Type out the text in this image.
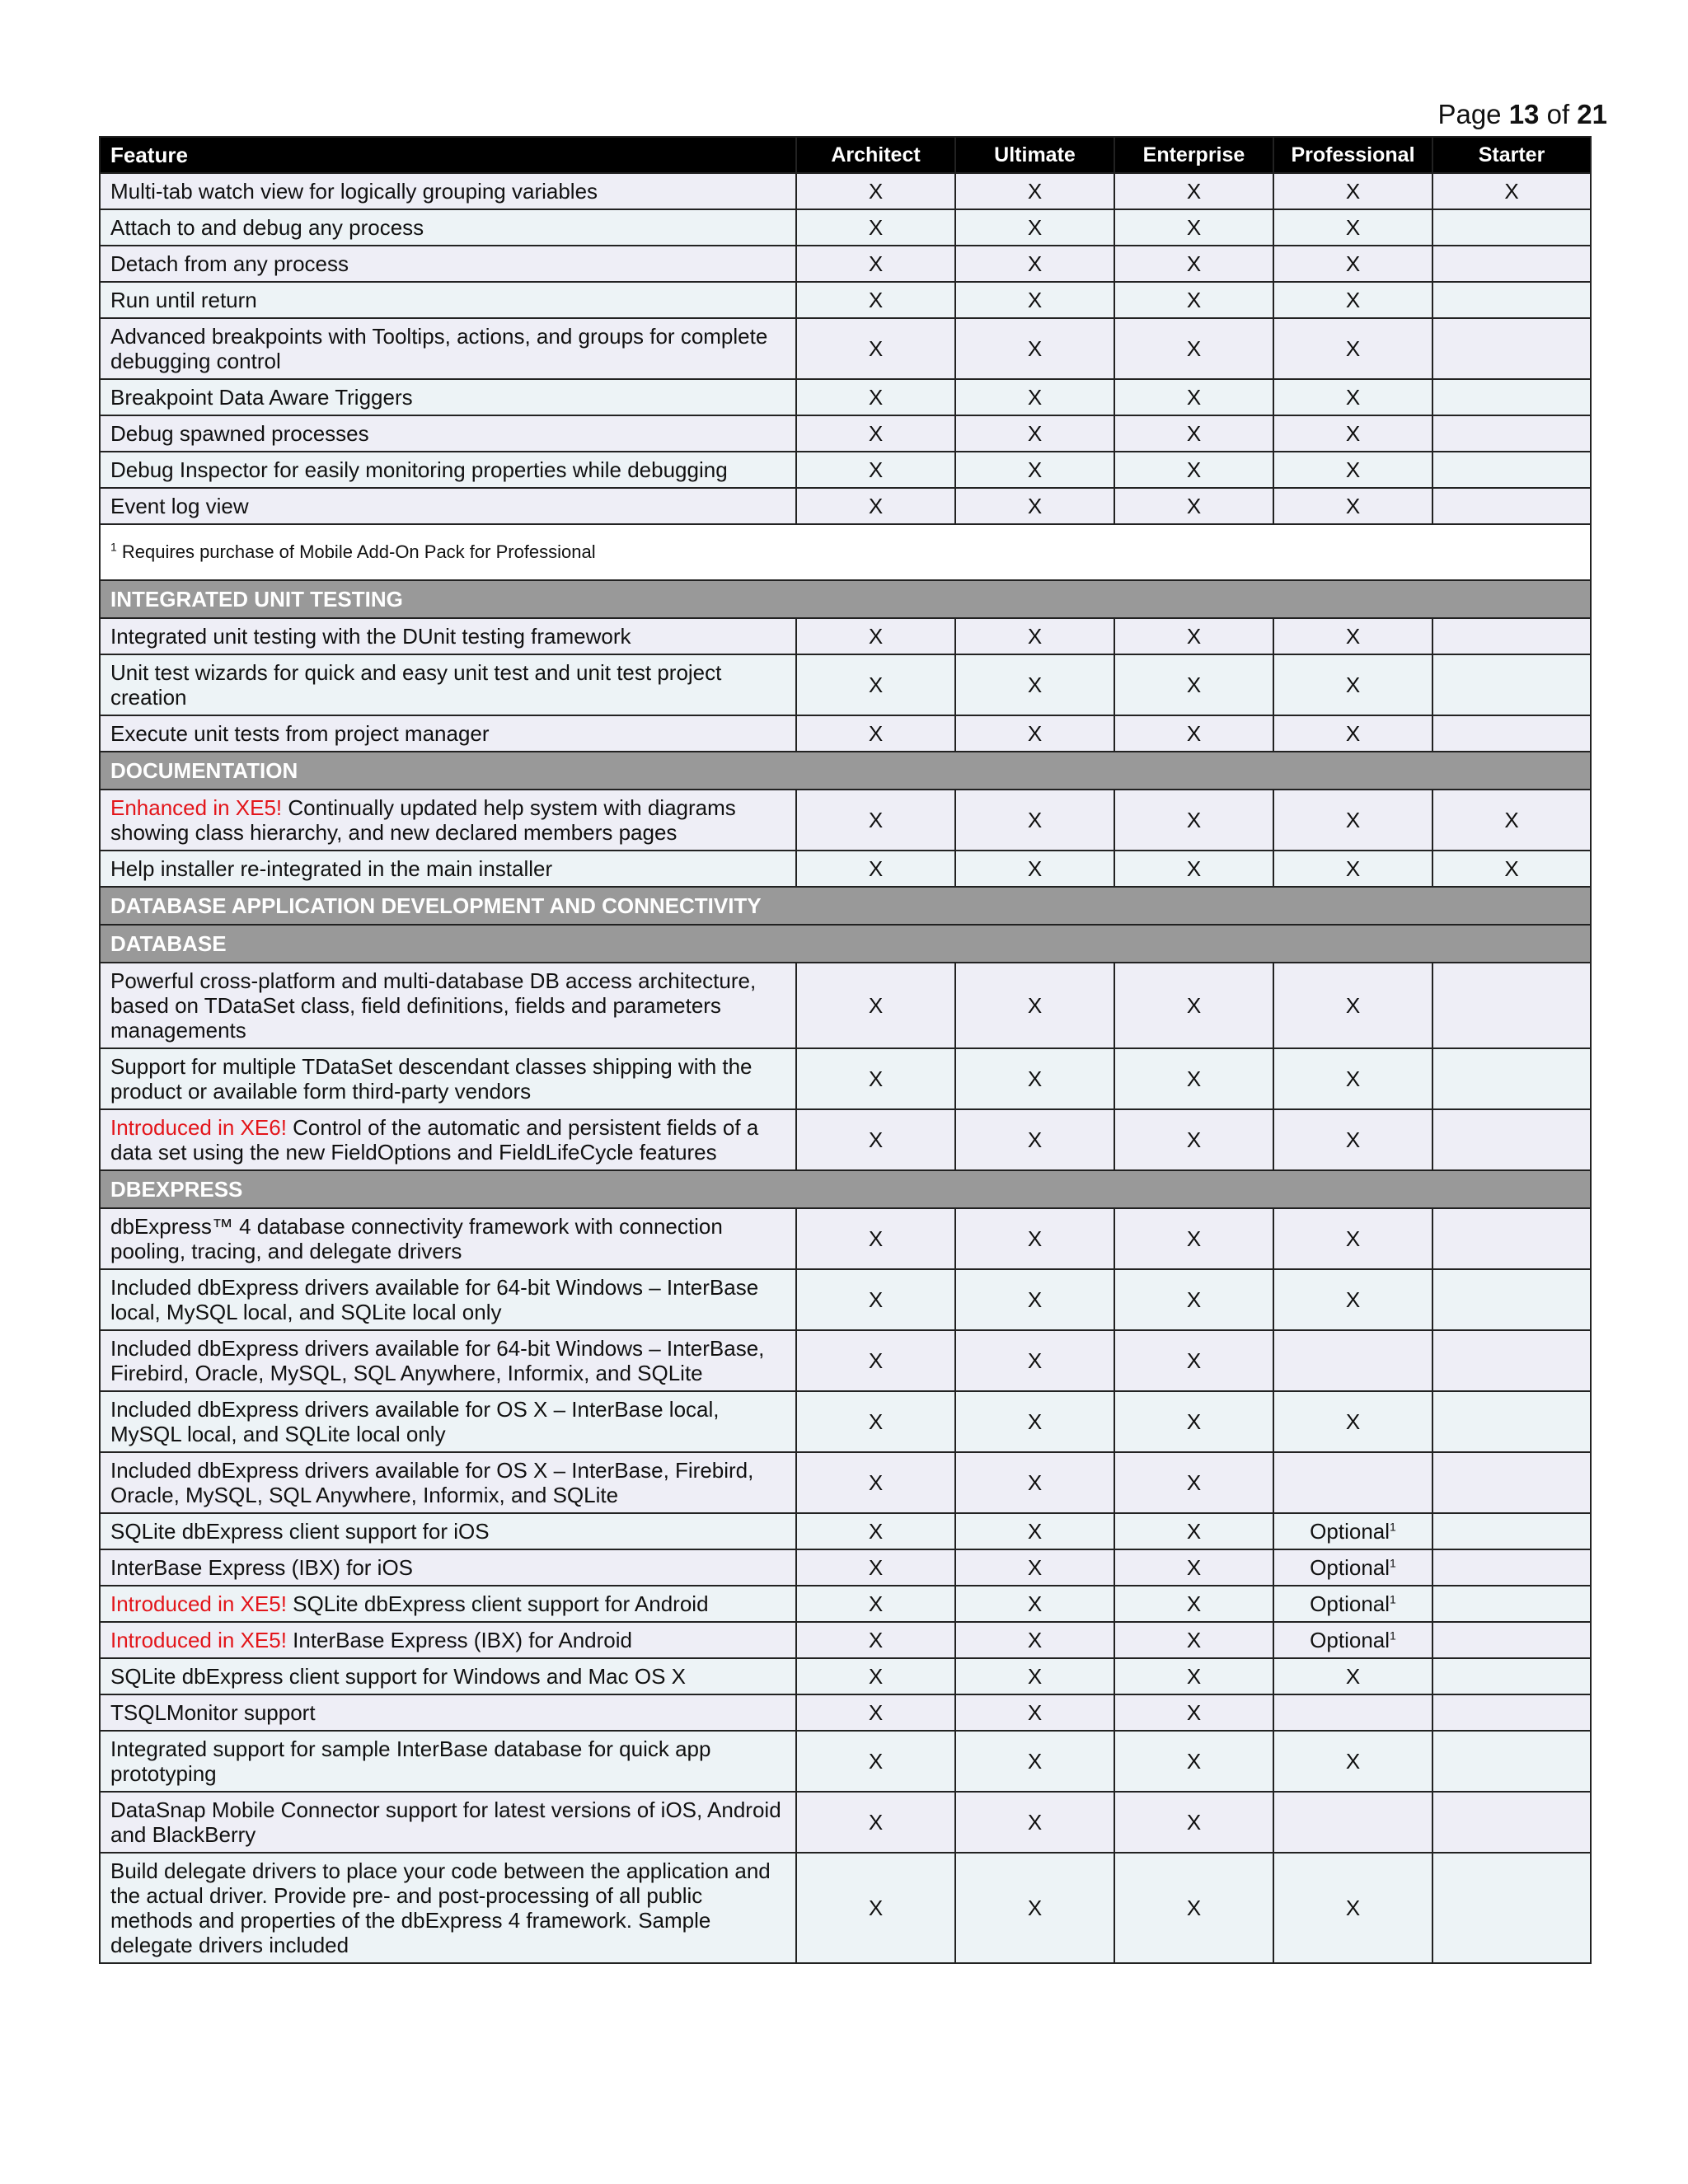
Page 13 of 21
Feature	Architect	Ultimate	Enterprise	Professional	Starter
Multi-tab watch view for logically grouping variables	X	X	X	X	X
Attach to and debug any process	X	X	X	X	
Detach from any process	X	X	X	X	
Run until return	X	X	X	X	
Advanced breakpoints with Tooltips, actions, and groups for complete debugging control	X	X	X	X	
Breakpoint Data Aware Triggers	X	X	X	X	
Debug spawned processes	X	X	X	X	
Debug Inspector for easily monitoring properties while debugging	X	X	X	X	
Event log view	X	X	X	X	
$^1$ Requires purchase of Mobile Add-On Pack for Professional					
INTEGRATED UNIT TESTING					
Integrated unit testing with the DUnit testing framework	X	X	X	X	
Unit test wizards for quick and easy unit test and unit test project creation	X	X	X	X	
Execute unit tests from project manager	X	X	X	X	
DOCUMENTATION					
Enhanced in XE5! Continually updated help system with diagrams showing class hierarchy, and new declared members pages	X	X	X	X	X
Help installer re-integrated in the main installer	X	X	X	X	X
DATABASE APPLICATION DEVELOPMENT AND CONNECTIVITY					
DATABASE					
Powerful cross-platform and multi-database DB access architecture, based on TDataSet class, field definitions, fields and parameters managements	X	X	X	X	
Support for multiple TDataSet descendant classes shipping with the product or available form third-party vendors	X	X	X	X	
Introduced in XE6! Control of the automatic and persistent fields of a data set using the new FieldOptions and FieldLifeCycle features	X	X	X	X	
DBEXPRESS					
dbExpress™ 4 database connectivity framework with connection pooling, tracing, and delegate drivers	X	X	X	X	
Included dbExpress drivers available for 64-bit Windows – InterBase local, MySQL local, and SQLite local only	X	X	X	X	
Included dbExpress drivers available for 64-bit Windows – InterBase, Firebird, Oracle, MySQL, SQL Anywhere, Informix, and SQLite	X	X	X		
Included dbExpress drivers available for OS X – InterBase local, MySQL local, and SQLite local only	X	X	X	X	
Included dbExpress drivers available for OS X – InterBase, Firebird, Oracle, MySQL, SQL Anywhere, Informix, and SQLite	X	X	X		
SQLite dbExpress client support for iOS	X	X	X	Optional$^1$	
InterBase Express (IBX) for iOS	X	X	X	Optional$^1$	
Introduced in XE5! SQLite dbExpress client support for Android	X	X	X	Optional$^1$	
Introduced in XE5! InterBase Express (IBX) for Android	X	X	X	Optional$^1$	
SQLite dbExpress client support for Windows and Mac OS X	X	X	X	X	
TSQLMonitor support	X	X	X		
Integrated support for sample InterBase database for quick app prototyping	X	X	X	X	
DataSnap Mobile Connector support for latest versions of iOS, Android and BlackBerry	X	X	X		
Build delegate drivers to place your code between the application and the actual driver. Provide pre- and post-processing of all public methods and properties of the dbExpress 4 framework. Sample delegate drivers included	X	X	X	X	
